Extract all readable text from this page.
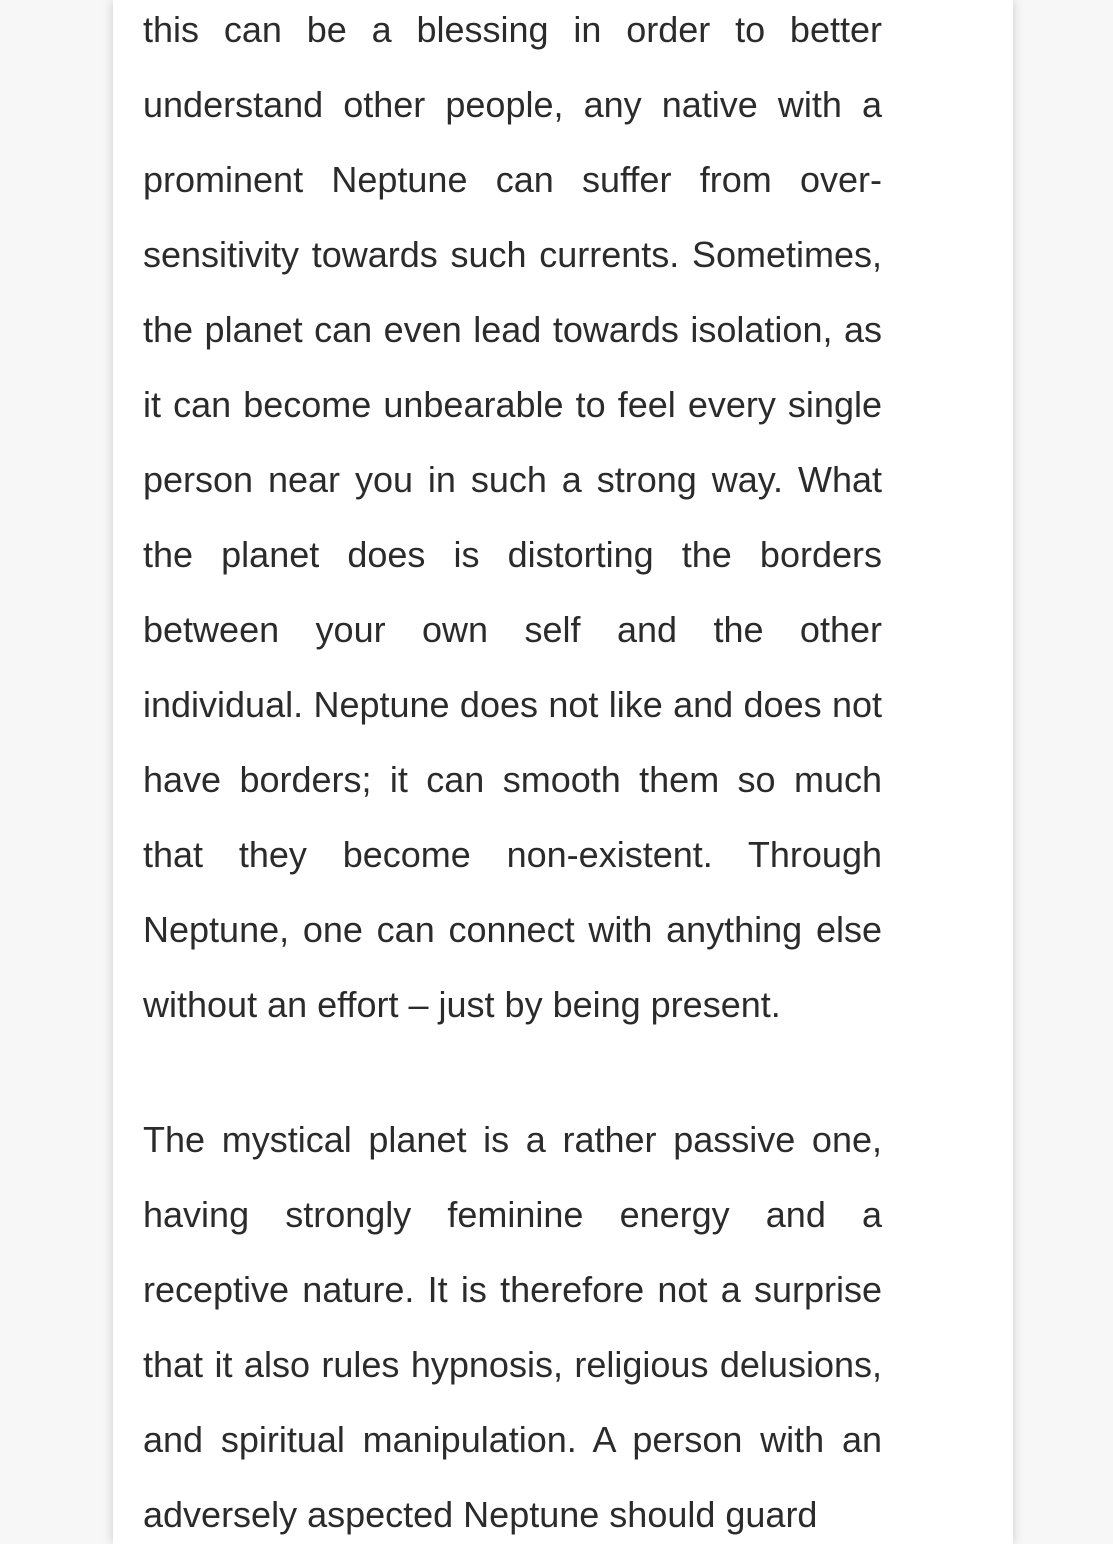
this can be a blessing in order to better understand other people, any native with a prominent Neptune can suffer from over-sensitivity towards such currents. Sometimes, the planet can even lead towards isolation, as it can become unbearable to feel every single person near you in such a strong way. What the planet does is distorting the borders between your own self and the other individual. Neptune does not like and does not have borders; it can smooth them so much that they become non-existent. Through Neptune, one can connect with anything else without an effort – just by being present.

The mystical planet is a rather passive one, having strongly feminine energy and a receptive nature. It is therefore not a surprise that it also rules hypnosis, religious delusions, and spiritual manipulation. A person with an adversely aspected Neptune should guard
